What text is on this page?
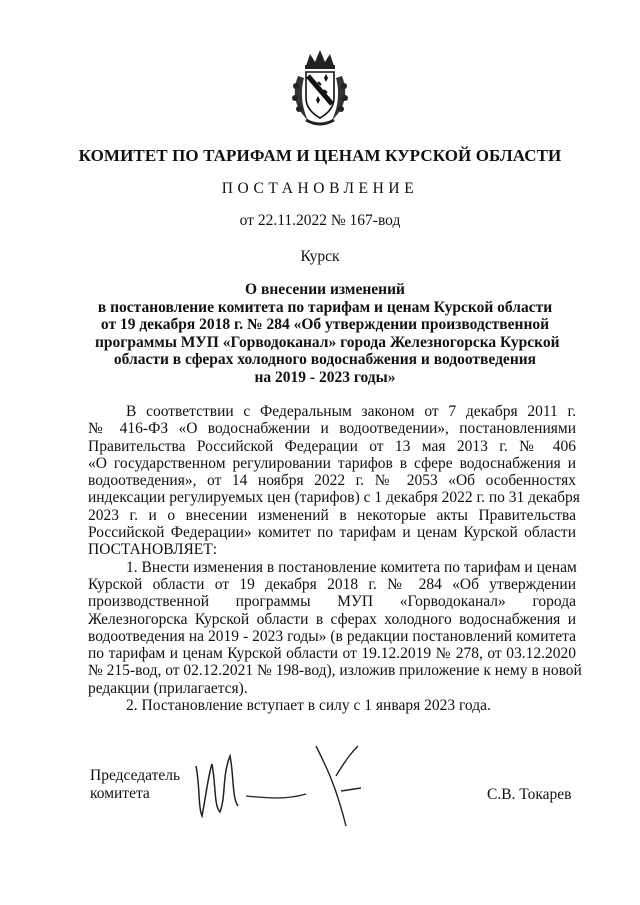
КОМИТЕТ ПО ТАРИФАМ И ЦЕНАМ КУРСКОЙ ОБЛАСТИ
ПОСТАНОВЛЕНИЕ
от 22.11.2022 № 167-вод
Курск
О внесении изменений
в постановление комитета по тарифам и ценам Курской области
от 19 декабря 2018 г. № 284 «Об утверждении производственной
программы МУП «Горводоканал» города Железногорска Курской
области в сферах холодного водоснабжения и водоотведения
на 2019 - 2023 годы»
В соответствии с Федеральным законом от 7 декабря 2011 г.
№ 416-ФЗ «О водоснабжении и водоотведении», постановлениями
Правительства Российской Федерации от 13 мая 2013 г. № 406
«О государственном регулировании тарифов в сфере водоснабжения и
водоотведения», от 14 ноября 2022 г. № 2053 «Об особенностях
индексации регулируемых цен (тарифов) с 1 декабря 2022 г. по 31 декабря
2023 г. и о внесении изменений в некоторые акты Правительства
Российской Федерации» комитет по тарифам и ценам Курской области
ПОСТАНОВЛЯЕТ:
1. Внести изменения в постановление комитета по тарифам и ценам
Курской области от 19 декабря 2018 г. № 284 «Об утверждении
производственной программы МУП «Горводоканал» города
Железногорска Курской области в сферах холодного водоснабжения и
водоотведения на 2019 - 2023 годы» (в редакции постановлений комитета
по тарифам и ценам Курской области от 19.12.2019 № 278, от 03.12.2020
№ 215-вод, от 02.12.2021 № 198-вод), изложив приложение к нему в новой
редакции (прилагается).
2. Постановление вступает в силу с 1 января 2023 года.
Председатель
комитета	С.В. Токарев
